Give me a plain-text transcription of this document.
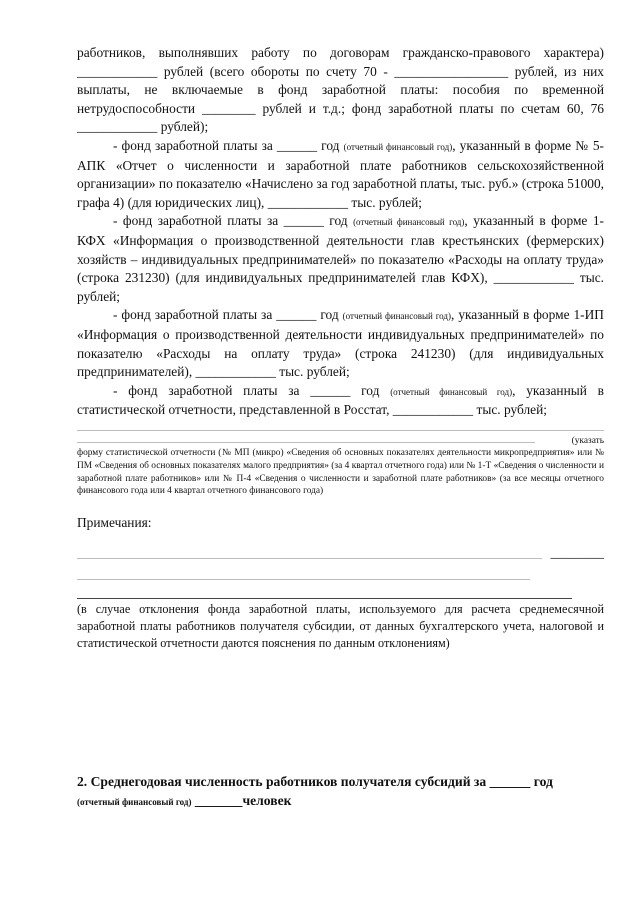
работников, выполнявших работу по договорам гражданско-правового характера) ____________ рублей (всего обороты по счету 70 - _________________ рублей, из них выплаты, не включаемые в фонд заработной платы: пособия по временной нетрудоспособности ________ рублей и т.д.; фонд заработной платы по счетам 60, 76 ____________ рублей);

- фонд заработной платы за ______ год (отчетный финансовый год), указанный в форме № 5-АПК «Отчет о численности и заработной плате работников сельскохозяйственной организации» по показателю «Начислено за год заработной платы, тыс. руб.» (строка 51000, графа 4) (для юридических лиц), ____________ тыс. рублей;

- фонд заработной платы за ______ год (отчетный финансовый год), указанный в форме 1-КФХ «Информация о производственной деятельности глав крестьянских (фермерских) хозяйств – индивидуальных предпринимателей» по показателю «Расходы на оплату труда» (строка 231230) (для индивидуальных предпринимателей глав КФХ), ____________ тыс. рублей;

- фонд заработной платы за ______ год (отчетный финансовый год), указанный в форме 1-ИП «Информация о производственной деятельности индивидуальных предпринимателей» по показателю «Расходы на оплату труда» (строка 241230) (для индивидуальных предпринимателей), ____________ тыс. рублей;

- фонд заработной платы за ______ год (отчетный финансовый год), указанный в статистической отчетности, представленной в Росстат, ____________ тыс. рублей;

(указать

форму статистической отчетности (№ МП (микро) «Сведения об основных показателях деятельности микропредприятия» или № ПМ «Сведения об основных показателях малого предприятия» (за 4 квартал отчетного года) или № 1-Т «Сведения о численности и заработной плате работников» или № П-4 «Сведения о численности и заработной плате работников» (за все месяцы отчетного финансового года или 4 квартал отчетного финансового года)

Примечания:

________

(в случае отклонения фонда заработной платы, используемого для расчета среднемесячной заработной платы работников получателя субсидии, от данных бухгалтерского учета, налоговой и статистической отчетности даются пояснения по данным отклонениям)

2. Среднегодовая численность работников получателя субсидий за ______ год
(отчетный финансовый год) _______человек
